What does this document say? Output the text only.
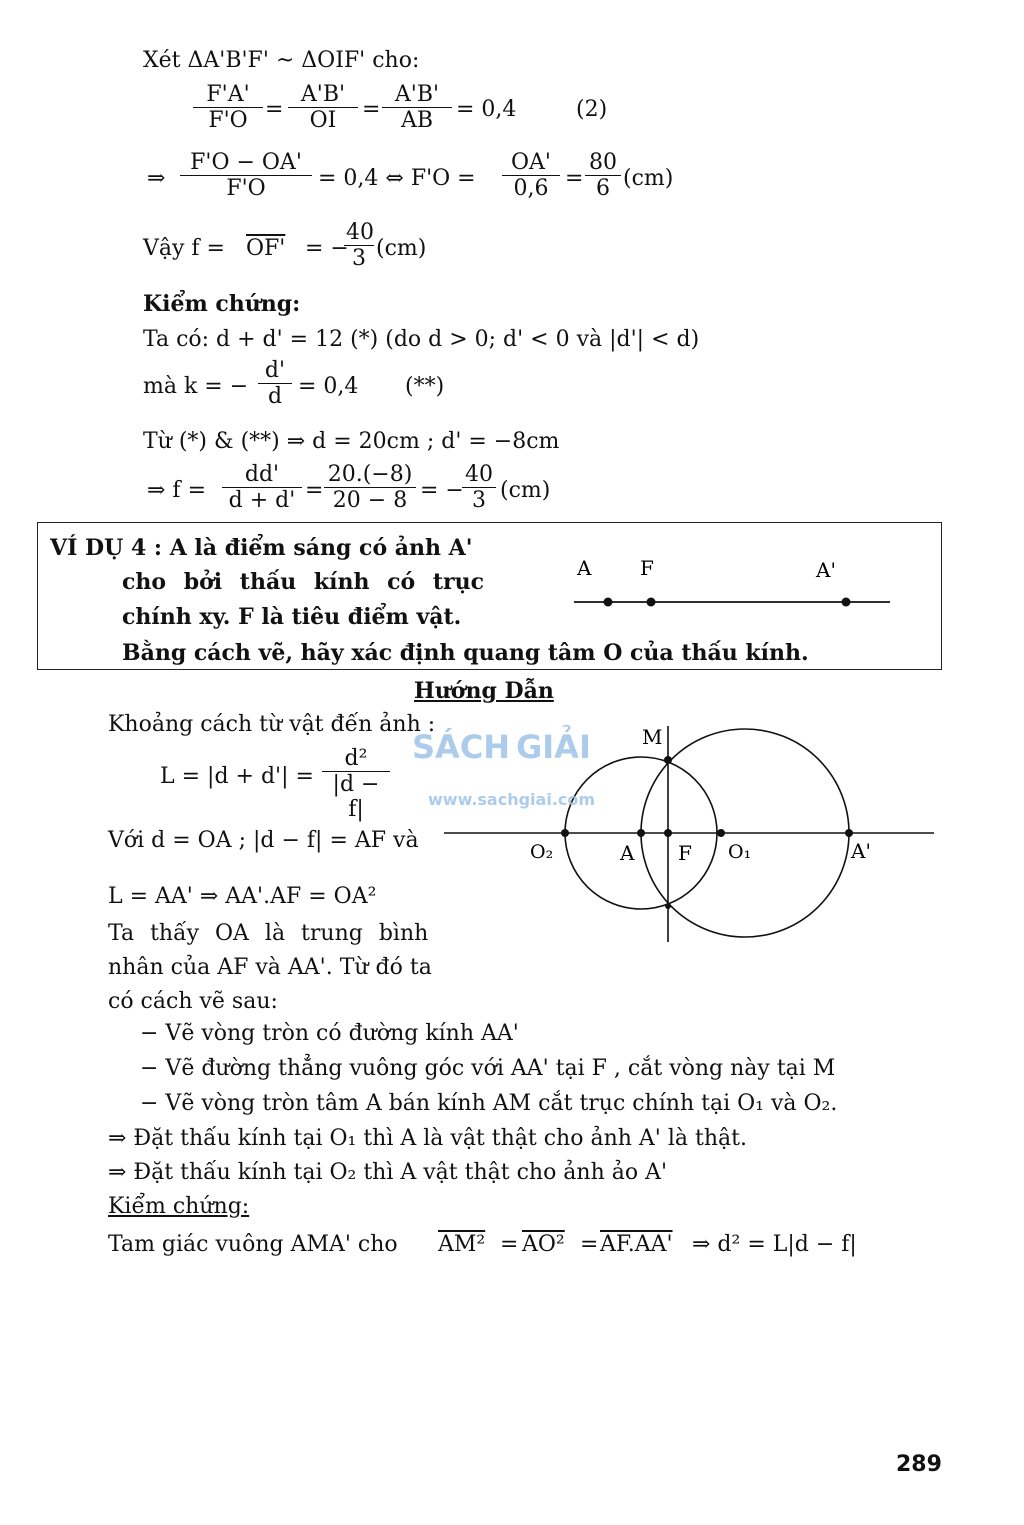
Xét ΔA'B'F' ~ ΔOIF' cho:
$\frac{F'A'}{F'O} = \frac{A'B'}{OI} = \frac{A'B'}{AB} = 0,4$	(2)
⇒ $\frac{F'O - OA'}{F'O} = 0,4$ ⇔ $F'O = \frac{OA'}{0,6} = \frac{80}{6} (cm)$
Vậy f = OF' = −
$\frac{40}{3} (cm)$
Kiểm chứng:
Ta có: d + d' = 12 (*) (do d > 0; d' < 0 và |d'| < d)
mà k = − $\frac{d'}{d} = 0,4$ (**)
Từ (*) & (**) ⇒ d = 20cm ; d' = −8cm
⇒ $f = \frac{dd'}{d + d'} = \frac{20.(-8)}{20 - 8}$ = −
$\frac{40}{3} (cm)$
VÍ DỤ 4 : A là điểm sáng có ảnh A'
cho bởi thấu kính có trục
chính xy. F là tiêu điểm vật.
Bằng cách vẽ, hãy xác định quang tâm O của thấu kính.
A F	A'
Hướng Dẫn
Khoảng cách từ vật đến ảnh :
$L = |d + d'| = \frac{\text{d²}}{|d - f|}$
Với d = OA ; |d − f| = AF và
L = AA' ⇒ AA'.AF = OA²
Ta thấy OA là trung bình
nhân của AF và AA'. Từ đó ta
có cách vẽ sau:
M
O₂	A F O₁	A'
SÁCH GIẢI
www.sachgiai.com
− Vẽ vòng tròn có đường kính AA'
− Vẽ đường thẳng vuông góc với AA' tại F , cắt vòng này tại M
− Vẽ vòng tròn tâm A bán kính AM cắt trục chính tại O₁ và O₂.
⇒ Đặt thấu kính tại O₁ thì A là vật thật cho ảnh A' là thật.
⇒ Đặt thấu kính tại O₂ thì A vật thật cho ảnh ảo A'
Kiểm chứng:
Tam giác vuông AMA' cho AM² = AO² = AF.AA' ⇒ d² = L|d − f|
289
